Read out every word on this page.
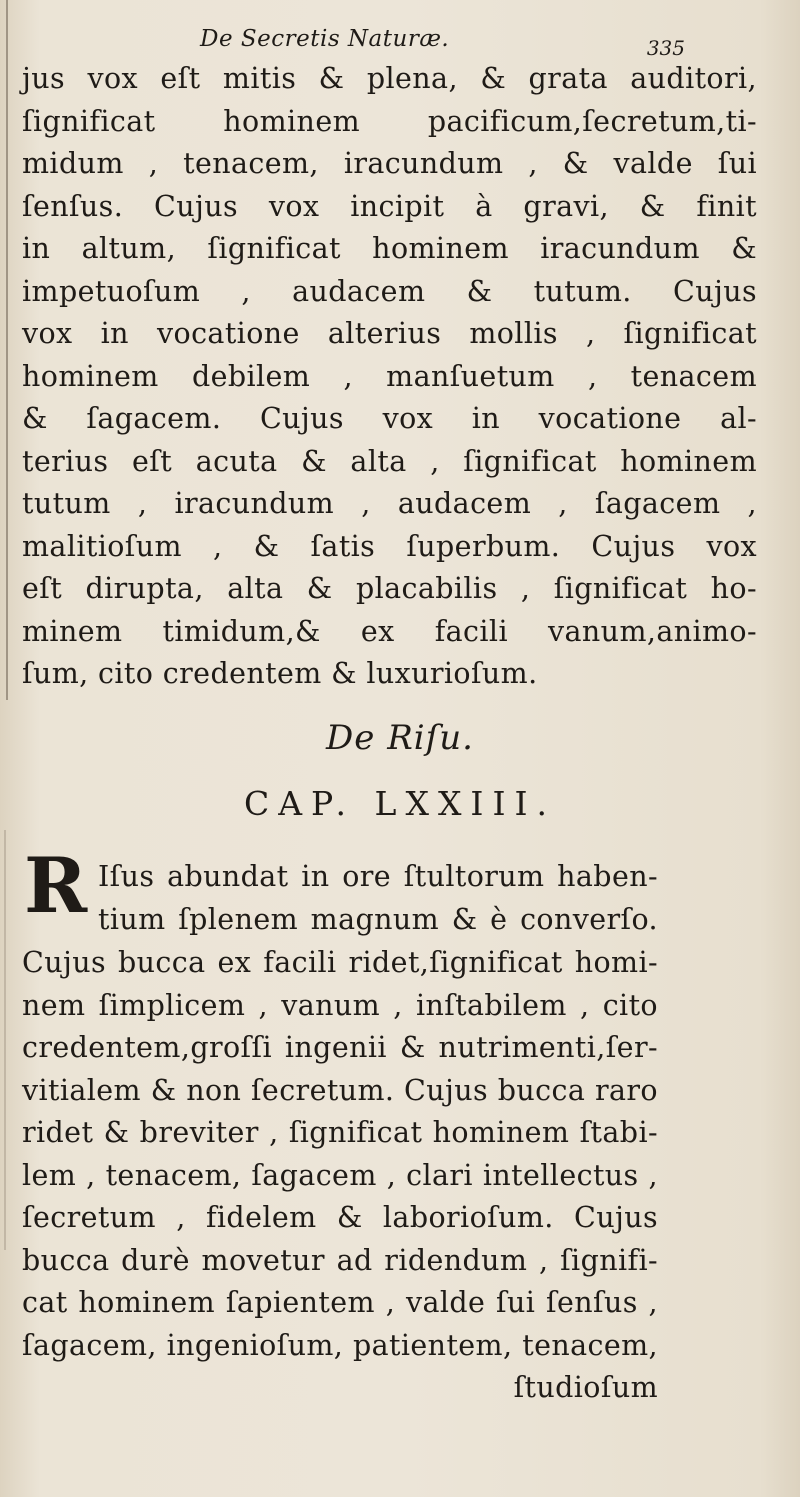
De Secretis Naturæ.	335
jus vox eſt mitis & plena, & grata auditori,
ſignificat hominem pacificum,ſecretum,ti-
midum , tenacem, iracundum , & valde ſui
ſenſus. Cujus vox incipit à gravi, & finit
in altum, ſignificat hominem iracundum &
impetuoſum , audacem & tutum. Cujus
vox in vocatione alterius mollis , ſignificat
hominem debilem , manſuetum , tenacem
& ſagacem. Cujus vox in vocatione al-
terius eſt acuta & alta , ſignificat hominem
tutum , iracundum , audacem , ſagacem ,
malitioſum , & ſatis ſuperbum. Cujus vox
eſt dirupta, alta & placabilis , ſignificat ho-
minem timidum,& ex facili vanum,animo-
ſum, cito credentem & luxurioſum.
De Riſu.
CAP. LXXIII.
R Iſus abundat in ore ſtultorum haben-
tium ſplenem magnum & è converſo.
Cujus bucca ex facili ridet,ſignificat homi-
nem ſimplicem , vanum , inſtabilem , cito
credentem,groſſi ingenii & nutrimenti,ſer-
vitialem & non ſecretum. Cujus bucca raro
ridet & breviter , ſignificat hominem ſtabi-
lem , tenacem, ſagacem , clari intellectus ,
ſecretum , fidelem & laborioſum. Cujus
bucca durè movetur ad ridendum , ſignifi-
cat hominem ſapientem , valde ſui ſenſus ,
ſagacem, ingenioſum, patientem, tenacem,
ſtudioſum
